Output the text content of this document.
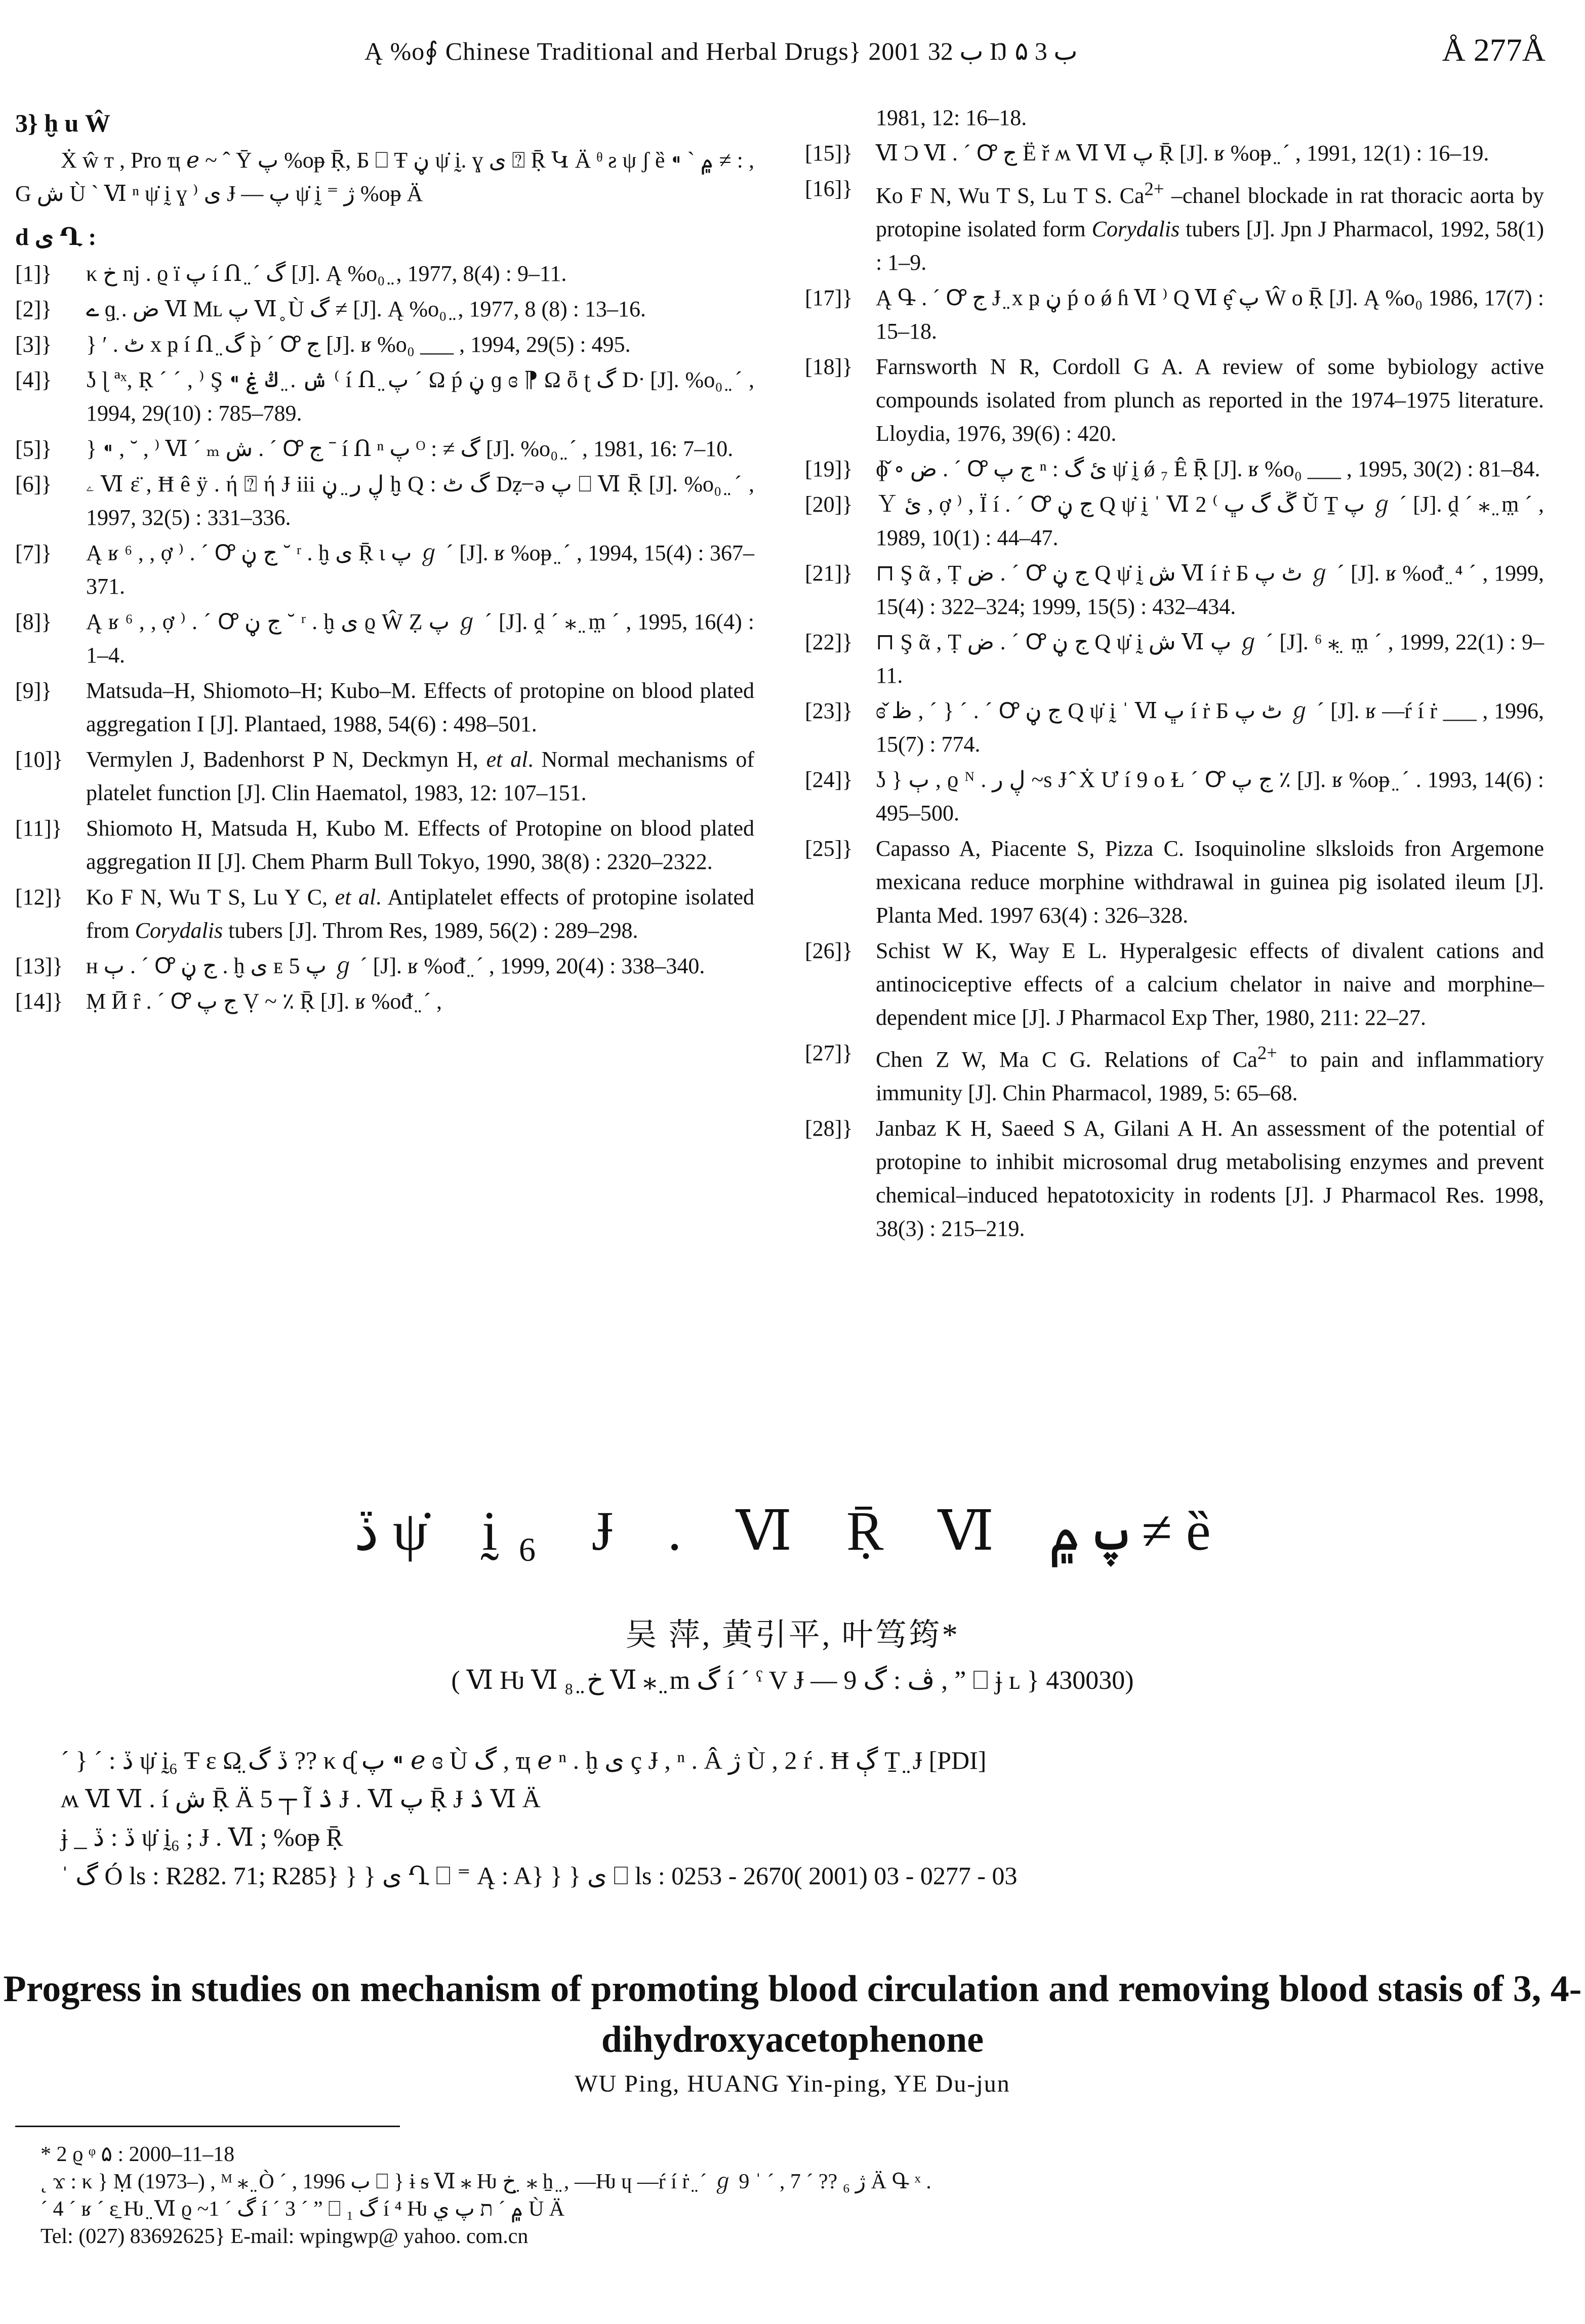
Ą %o∮ Chinese Traditional and Herbal Drugs} 2001 ب 32 Ŋ ب 3 ۵	Å 277Å
3} ḫ u Ŵ
Ẋ ŵ т , Pro ҵ ℯ ~ ˆ Ῡ پ %oᵽ Ṝ, Б ⎕ Ŧ ڼ ψ̇ ḭ. ɣ ی ⍰ Ṝ Կ Ä ᶿ ƨ ψ ʃ ȅ ⁌ ˋ ۾ ≠ : , G ش Ù ˋ Ⅵ ⁿ ψ̇ ḭ ɣ ⁾ ی Ɉ — پ ψ̇ ḭ ⁼ ژ %oᵽ Ä
d ی Ղ :
[1]}	κ خ nj . ϱ ï پ í Ո ̤ ˊ گ [J]. Ą %o₀ ̤ , 1977, 8(4) : 9–11.
[2]}	ے ɡ̤ . ض Ⅵ Mʟ پ Ⅵ ̥ Ù گ ≠ [J]. Ą %o₀ ̤ , 1977, 8 (8) : 13–16.
[3]}	} ʹ . ٹ x ҏ í Ո ̤ گ p̀ ˊ Ꝍ ج [J]. ʁ %o₀ ___ , 1994, 29(5) : 495.
[4]}	ʖ ɭ ªˣ, Ṛ ˊ ˊ , ⁾ Ş ⁌ ش . ̤ ڭ ۼ ⁽ í Ո ̤ پ ˊ Ω ṕ ڼ ɡ ɞ ⁋ Ω ȫ ʈ گ Dᐧ [J]. %o₀ ̤ ˊ , 1994, 29(10) : 785–789.
[5]}	} ⁌ , ˘ , ⁾ Ⅵ ˊ ₘ ش . ˊ Ꝍ ج ˉ í Ո ⁿ پ ᴼ : ≠ گ [J]. %o₀ ̤ ˊ , 1981, 16: 7–10.
[6]}	ۦ Ⅵ ε̈ , Ħ ê ÿ . ή ⍰ ή Ɉ iii ڸ ر ̤ ڼ ḫ Q : گ ٹ Dẓ ̶ ə پ ⎕ Ⅵ Ṝ [J]. %o₀ ̤ ˊ , 1997, 32(5) : 331–336.
[7]}	Ą ʁ ⁶ , , ợ ⁾ . ˊ Ꝍ ج ڼ ˘ ʳ . ḫ ی Ṝ ɩ پ ℊ ˊ [J]. ʁ %oᵽ ̤ ˊ , 1994, 15(4) : 367–371.
[8]}	Ą ʁ ⁶ , , ợ ⁾ . ˊ Ꝍ ج ڼ ˘ ʳ . ḫ ی ϱ Ŵ Ẓ پ ℊ ˊ [J]. ḓ ˊ ⁎ ̤ m̤ ˊ , 1995, 16(4) : 1–4.
[9]}	Matsuda–H, Shiomoto–H; Kubo–M. Effects of protopine on blood plated aggregation I [J]. Plantaed, 1988, 54(6) : 498–501.
[10]}	Vermylen J, Badenhorst P N, Deckmyn H, et al. Normal mechanisms of platelet function [J]. Clin Haematol, 1983, 12: 107–151.
[11]}	Shiomoto H, Matsuda H, Kubo M. Effects of Protopine on blood plated aggregation II [J]. Chem Pharm Bull Tokyo, 1990, 38(8) : 2320–2322.
[12]}	Ko F N, Wu T S, Lu Y C, et al. Antiplatelet effects of protopine isolated from Corydalis tubers [J]. Throm Res, 1989, 56(2) : 289–298.
[13]}	ʜ ٻ . ˊ Ꝍ ج ڼ . ḫ ی ᴇ 5 پ ℊ ˊ [J]. ʁ %oᵭ ̤ ˊ , 1999, 20(4) : 338–340.
[14]}	Ṃ Ӣ ȓ . ˊ Ꝍ ج پ Ṿ ~ ٪ Ṝ [J]. ʁ %oᵭ ̤ ˊ ,
1981, 12: 16–18.
[15]}	Ⅵ Ͻ Ⅵ . ˊ Ꝍ ج Ë ř ʍ Ⅵ Ⅵ پ Ṝ [J]. ʁ %oᵽ ̤ ˊ , 1991, 12(1) : 16–19.
[16]}	Ko F N, Wu T S, Lu T S. $Ca^{2+}$ –chanel blockade in rat thoracic aorta by protopine isolated form Corydalis tubers [J]. Jpn J Pharmacol, 1992, 58(1) : 1–9.
[17]}	Ą Գ . ˊ Ꝍ ج Ɉ ̤ x ҏ ڼ ṕ o ǿ ɦ Ⅵ ⁾ Q Ⅵ ȩ̂ پ Ŵ o Ṝ [J]. Ą %o₀ 1986, 17(7) : 15–18.
[18]}	Farnsworth N R, Cordoll G A. A review of some bybiology active compounds isolated from plunch as reported in the 1974–1975 literature. Lloydia, 1976, 39(6) : 420.
[19]}	ɸ̌ ∘ ض . ˊ Ꝍ ج پ ⁿ : ئ گ ψ̇ ḭ ǿ ₇ Ê Ṝ [J]. ʁ %o₀ ___ , 1995, 30(2) : 81–84.
[20]}	Ｙ ئ , ợ ⁾ , Ï í . ˊ Ꝍ ج ڼ Q ψ̇ ḭ ˈ Ⅵ ڱ گ ڀ ⁾ 2 Ŭ Ṯ پ ℊ ˊ [J]. ḓ ˊ ⁎ ̤ m̤ ˊ , 1989, 10(1) : 44–47.
[21]}	⊓ Ş ᾶ , Ṭ ض . ˊ Ꝍ ج ڼ Q ψ̇ ḭ ش Ⅵ í ṙ Б ٹ پ ℊ ˊ [J]. ʁ %oᵭ ̤ ⁴ ˊ , 1999, 15(4) : 322–324; 1999, 15(5) : 432–434.
[22]}	⊓ Ş ᾶ , Ṭ ض . ˊ Ꝍ ج ڼ Q ψ̇ ḭ ش Ⅵ پ ℊ ˊ [J]. ⁶ ⁎ ̤ m̤ ˊ , 1999, 22(1) : 9–11.
[23]}	ɞ̌ ظ , ˊ } ˊ . ˊ Ꝍ ج ڼ Q ψ̇ ḭ ˈ Ⅵ ڀ í ṙ Б ٹ پ ℊ ˊ [J]. ʁ —ŕ í ṙ ___ , 1996, 15(7) : 774.
[24]}	ʖ } ٻ , ϱ ᴺ . ڸ ر ~s Ɉ ̂ Ẋ Ư í 9 ο Ɫ ˊ Ꝍ ج پ ٪ [J]. ʁ %oᵽ ̤ ˊ . 1993, 14(6) : 495–500.
[25]}	Capasso A, Piacente S, Pizza C. Isoquinoline slksloids fron Argemone mexicana reduce morphine withdrawal in guinea pig isolated ileum [J]. Planta Med. 1997 63(4) : 326–328.
[26]}	Schist W K, Way E L. Hyperalgesic effects of divalent cations and antinociceptive effects of a calcium chelator in naive and morphine–dependent mice [J]. J Pharmacol Exp Ther, 1980, 211: 22–27.
[27]}	Chen Z W, Ma C G. Relations of $Ca^{2+}$ to pain and inflammatiory immunity [J]. Chin Pharmacol, 1989, 5: 65–68.
[28]}	Janbaz K H, Saeed S A, Gilani A H. An assessment of the potential of protopine to inhibit microsomal drug metabolising enzymes and prevent chemical–induced hepatotoxicity in rodents [J]. J Pharmacol Res. 1998, 38(3) : 215–219.
ڏ ψ̇ ḭ₆ Ɉ . Ⅵ Ṝ Ⅵ پ ۾ ≠ ȅ
吴 萍, 黄引平, 叶笃筠*
( Ⅵ Ƕ Ⅵ خ ̤ ₈ Ⅵ ⁎ ̤ m گ í ˊ ˤ V Ɉ — ڤ : گ 9 , ” ⎕ ɉ ʟ } 430030)
ˊ } ˊ : ڏ ψ̇ ḭ₆ Ŧ ɛ Ω̤ ڏ گ ?? κ ᶑ پ ⁌ ℯ ɞ Ù گ , ҵ ℯ ⁿ . ḫ ی ç Ɉ , ⁿ . Â ژ Ù , 2 ŕ . Ħ ڳ Ṯ ̤ Ɉ [PDI]
ʍ Ⅵ Ⅵ . í ش Ṝ Ä 5 ┬ Ĩ ۮ Ɉ . Ⅵ پ Ṝ Ɉ ۮ Ⅵ Ä
ɉ _ ڏ : ڏ ψ̇ ḭ₆ ; Ɉ . Ⅵ ; %oᵽ Ṝ
ˈ گ Ó ls : R282. 71; R285} } } ی Ղ ⎕ ⁼ Ą : A} } } ی ⎕ ls : 0253 ‑ 2670( 2001) 03 ‑ 0277 ‑ 03
Progress in studies on mechanism of promoting blood circulation and removing blood stasis of 3, 4-dihydroxyacetophenone
WU Ping, HUANG Yin-ping, YE Du-jun
* 2 ϱ ᵠ ۵ : 2000–11–18
˛ ϫ : κ } Ṃ (1973–) , ᴹ ⁎ ̤ Ò ˊ , 1996 ب ⎕ } ɨ ᵴ Ⅵ ⁎ Ƕ خ ̤ ⁎ ẖ ̤ , —Ƕ ɥ —ŕ í ṙ ̤ ˊ ℊ 9 ˈ ˊ , ژ ₆ ?? ˊ 7 Ä Գ ˣ .
ˊ 4 ˊ ʁ ˊ ɛ̱ Ƕ ̤ Ⅵ ϱ ~1 ˊ گ í ˊ 3 ˊ ” ⎕ ₁ گ í ⁴ Ƕ ۾ ˊ ת پ ي Ù Ä
Tel: (027) 83692625} E-mail: wpingwp@ yahoo. com.cn
